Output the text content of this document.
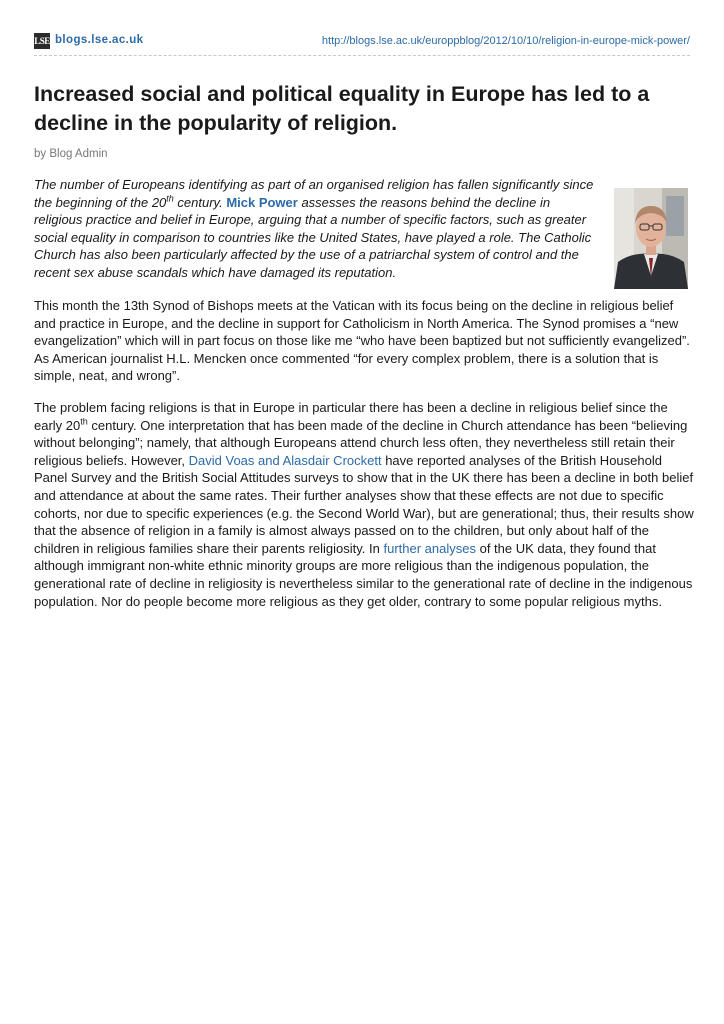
LSE blogs.lse.ac.uk	http://blogs.lse.ac.uk/europpblog/2012/10/10/religion-in-europe-mick-power/
Increased social and political equality in Europe has led to a decline in the popularity of religion.
by Blog Admin

The number of Europeans identifying as part of an organised religion has fallen significantly since the beginning of the 20th century. Mick Power assesses the reasons behind the decline in religious practice and belief in Europe, arguing that a number of specific factors, such as greater social equality in comparison to countries like the United States, have played a role. The Catholic Church has also been particularly affected by the use of a patriarchal system of control and the recent sex abuse scandals which have damaged its reputation.

This month the 13th Synod of Bishops meets at the Vatican with its focus being on the decline in religious belief and practice in Europe, and the decline in support for Catholicism in North America. The Synod promises a “new evangelization” which will in part focus on those like me “who have been baptized but not sufficiently evangelized”. As American journalist H.L. Mencken once commented “for every complex problem, there is a solution that is simple, neat, and wrong”.

The problem facing religions is that in Europe in particular there has been a decline in religious belief since the early 20th century. One interpretation that has been made of the decline in Church attendance has been “believing without belonging”; namely, that although Europeans attend church less often, they nevertheless still retain their religious beliefs. However, David Voas and Alasdair Crockett have reported analyses of the British Household Panel Survey and the British Social Attitudes surveys to show that in the UK there has been a decline in both belief and attendance at about the same rates. Their further analyses show that these effects are not due to specific cohorts, nor due to specific experiences (e.g. the Second World War), but are generational; thus, their results show that the absence of religion in a family is almost always passed on to the children, but only about half of the children in religious families share their parents religiosity. In further analyses of the UK data, they found that although immigrant non-white ethnic minority groups are more religious than the indigenous population, the generational rate of decline in religiosity is nevertheless similar to the generational rate of decline in the indigenous population. Nor do people become more religious as they get older, contrary to some popular religious myths.
